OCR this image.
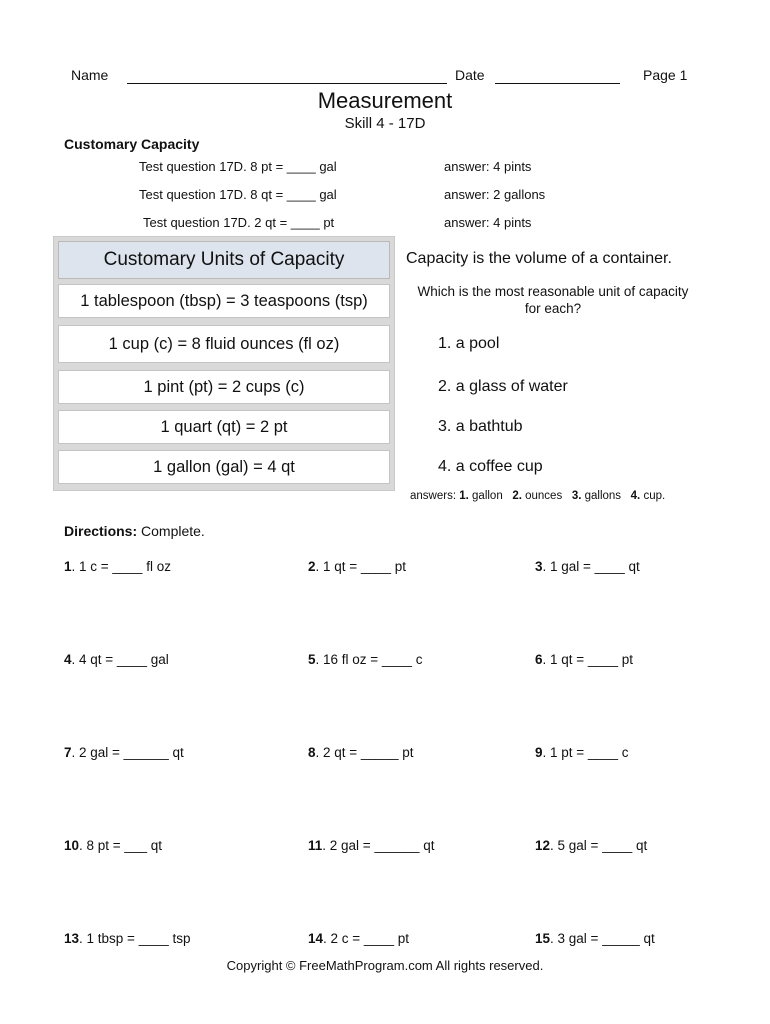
Name	Date	Page 1
Measurement
Skill 4 - 17D
Customary Capacity
Test question 17D. 8 pt = ____ gal	answer: 4 pints
Test question 17D. 8 qt = ____ gal	answer: 2 gallons
Test question 17D. 2 qt = ____ pt	answer: 4 pints
Customary Units of Capacity
1 tablespoon (tbsp) = 3 teaspoons (tsp)
1 cup (c) = 8 fluid ounces (fl oz)
1 pint (pt) = 2 cups (c)
1 quart (qt) = 2 pt
1 gallon (gal) = 4 qt
Capacity is the volume of a container.
Which is the most reasonable unit of capacity
for each?
1. a pool
2. a glass of water
3. a bathtub
4. a coffee cup
answers: 1. gallon 2. ounces 3. gallons 4. cup.
Directions: Complete.
1. 1 c = ____ fl oz	2. 1 qt = ____ pt	3. 1 gal = ____ qt
4. 4 qt = ____ gal	5. 16 fl oz = ____ c	6. 1 qt = ____ pt
7. 2 gal = ______ qt	8. 2 qt = _____ pt	9. 1 pt = ____ c
10. 8 pt = ___ qt	11. 2 gal = ______ qt	12. 5 gal = ____ qt
13. 1 tbsp = ____ tsp	14. 2 c = ____ pt	15. 3 gal = _____ qt
Copyright © FreeMathProgram.com All rights reserved.
